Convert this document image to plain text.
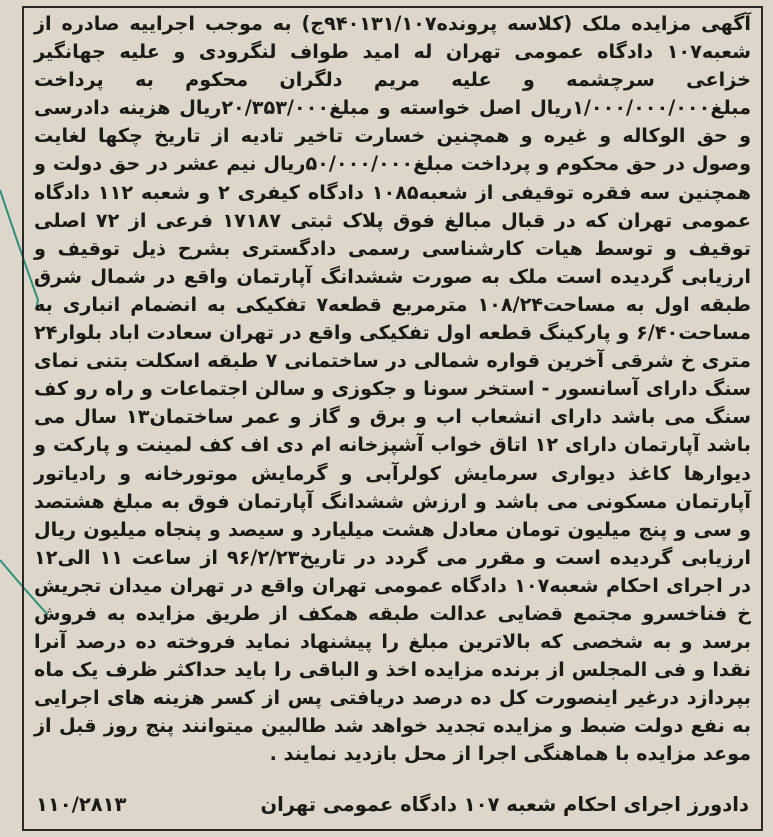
آگهی مزایده ملک (کلاسه پرونده۹۴۰۱۳۱/۱۰۷ج) به موجب اجراییه صادره از شعبه۱۰۷ دادگاه عمومی تهران له امید طواف لنگرودی و علیه جهانگیر خزاعی سرچشمه و علیه مریم دلگران محکوم به پرداخت مبلغ۱/۰۰۰/۰۰۰/۰۰۰ریال اصل خواسته و مبلغ۲۰/۳۵۳/۰۰۰ریال هزینه دادرسی و حق الوکاله و غیره و همچنین خسارت تاخیر تادیه از تاریخ چکها لغایت وصول در حق محکوم و پرداخت مبلغ۵۰/۰۰۰/۰۰۰ریال نیم عشر در حق دولت و همچنین سه فقره توقیفی از شعبه۱۰۸۵ دادگاه کیفری ۲ و شعبه ۱۱۲ دادگاه عمومی تهران که در قبال مبالغ فوق پلاک ثبتی ۱۷۱۸۷ فرعی از ۷۲ اصلی توقیف و توسط هیات کارشناسی رسمی دادگستری بشرح ذیل توقیف و ارزیابی گردیده است ملک به صورت ششدانگ آپارتمان واقع در شمال شرق طبقه اول به مساحت۱۰۸/۲۴ مترمربع قطعه۷ تفکیکی به انضمام انباری به مساحت۶/۴۰ و پارکینگ قطعه اول تفکیکی واقع در تهران سعادت اباد بلوار۲۴ متری خ شرقی آخرین قواره شمالی در ساختمانی ۷ طبقه اسکلت بتنی نمای سنگ دارای آسانسور - استخر سونا و جکوزی و سالن اجتماعات و راه رو کف سنگ می باشد دارای انشعاب اب و برق و گاز و عمر ساختمان۱۳ سال می باشد آپارتمان دارای ۱۲ اتاق خواب آشپزخانه ام دی اف کف لمینت و پارکت و دیوارها کاغذ دیواری سرمایش کولرآبی و گرمایش موتورخانه و رادیاتور آپارتمان مسکونی می باشد و ارزش ششدانگ آپارتمان فوق به مبلغ هشتصد و سی و پنج میلیون تومان معادل هشت میلیارد و سیصد و پنجاه میلیون ریال ارزیابی گردیده است و مقرر می گردد در تاریخ۹۶/۲/۲۳ از ساعت ۱۱ الی۱۲ در اجرای احکام شعبه۱۰۷ دادگاه عمومی تهران واقع در تهران میدان تجریش خ فناخسرو مجتمع قضایی عدالت طبقه همکف از طریق مزایده به فروش برسد و به شخصی که بالاترین مبلغ را پیشنهاد نماید فروخته ده درصد آنرا نقدا و فی المجلس از برنده مزایده اخذ و الباقی را باید حداکثر ظرف یک ماه بپردازد درغیر اینصورت کل ده درصد دریافتی پس از کسر هزینه های اجرایی به نفع دولت ضبط و مزایده تجدید خواهد شد طالبین میتوانند پنج روز قبل از موعد مزایده با هماهنگی اجرا از محل بازدید نمایند .

دادورز اجرای احکام شعبه ۱۰۷ دادگاه عمومی تهران
۱۱۰/۲۸۱۳
